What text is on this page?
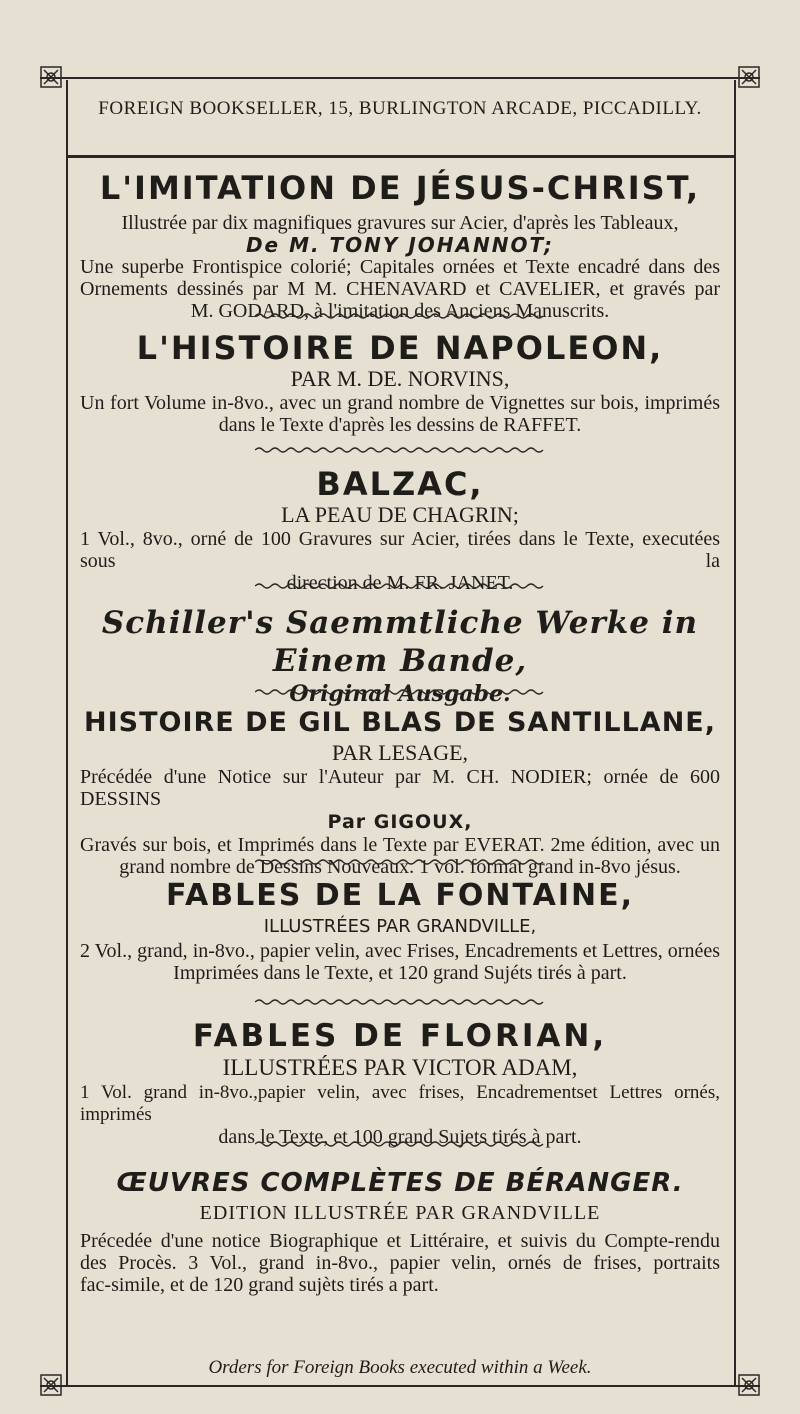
FOREIGN BOOKSELLER, 15, BURLINGTON ARCADE, PICCADILLY.
L'IMITATION DE JÉSUS-CHRIST,
Illustrée par dix magnifiques gravures sur Acier, d'après les Tableaux,
De M. TONY JOHANNOT;
Une superbe Frontispice colorié; Capitales ornées et Texte encadré dans des
Ornements dessinés par M M. CHENAVARD et CAVELIER, et gravés par
M. GODARD, à l'imitation des Anciens Manuscrits.
L'HISTOIRE DE NAPOLEON,
PAR M. DE. NORVINS,
Un fort Volume in-8vo., avec un grand nombre de Vignettes sur bois, imprimés
dans le Texte d'après les dessins de RAFFET.
BALZAC,
LA PEAU DE CHAGRIN;
1 Vol., 8vo., orné de 100 Gravures sur Acier, tirées dans le Texte, executées sous la
direction de M. FR. JANET.
Schiller's Saemmtliche Werke in Einem Bande,
Original Ausgabe.
HISTOIRE DE GIL BLAS DE SANTILLANE,
PAR LESAGE,
Précédée d'une Notice sur l'Auteur par M. CH. NODIER; ornée de 600 DESSINS
Par GIGOUX,
Gravés sur bois, et Imprimés dans le Texte par EVERAT. 2me édition, avec un
grand nombre de Dessins Nouveaux. 1 vol. format grand in-8vo jésus.
FABLES DE LA FONTAINE,
ILLUSTRÉES PAR GRANDVILLE,
2 Vol., grand, in-8vo., papier velin, avec Frises, Encadrements et Lettres, ornées
Imprimées dans le Texte, et 120 grand Sujéts tirés à part.
FABLES DE FLORIAN,
ILLUSTRÉES PAR VICTOR ADAM,
1 Vol. grand in-8vo.,papier velin, avec frises, Encadrementset Lettres ornés, imprimés
dans le Texte, et 100 grand Sujets tirés à part.
ŒUVRES COMPLÈTES DE BÉRANGER.
EDITION ILLUSTRÉE PAR GRANDVILLE
Précedée d'une notice Biographique et Littéraire, et suivis du Compte-rendu
des Procès. 3 Vol., grand in-8vo., papier velin, ornés de frises, portraits
fac-simile, et de 120 grand sujèts tirés a part.
Orders for Foreign Books executed within a Week.
